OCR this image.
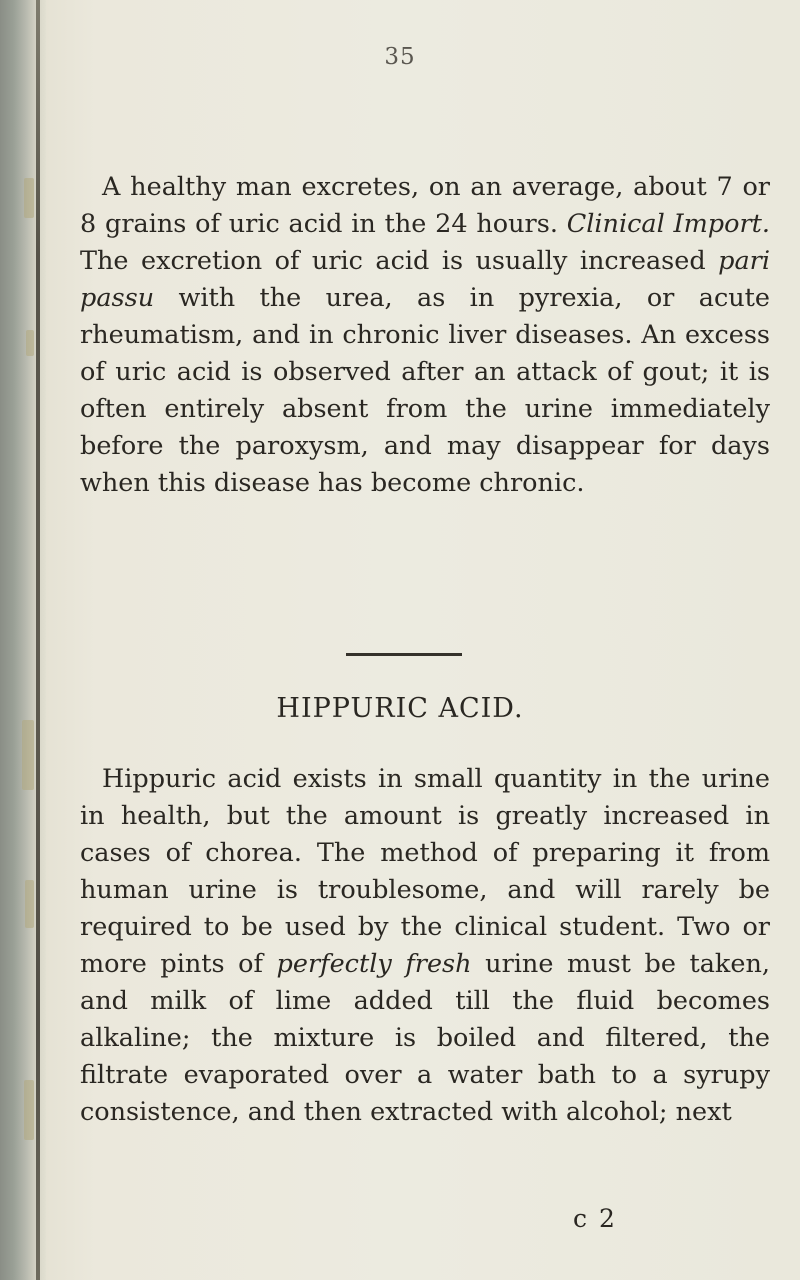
35

A healthy man excretes, on an average, about 7 or 8 grains of uric acid in the 24 hours. Clinical Import. The excretion of uric acid is usually increased pari passu with the urea, as in pyrexia, or acute rheumatism, and in chronic liver diseases. An excess of uric acid is observed after an attack of gout; it is often entirely absent from the urine immediately before the paroxysm, and may disappear for days when this disease has become chronic.

HIPPURIC ACID.

Hippuric acid exists in small quantity in the urine in health, but the amount is greatly increased in cases of chorea. The method of preparing it from human urine is troublesome, and will rarely be required to be used by the clinical student. Two or more pints of perfectly fresh urine must be taken, and milk of lime added till the fluid becomes alkaline; the mixture is boiled and filtered, the filtrate evaporated over a water bath to a syrupy consistence, and then extracted with alcohol; next

c 2
